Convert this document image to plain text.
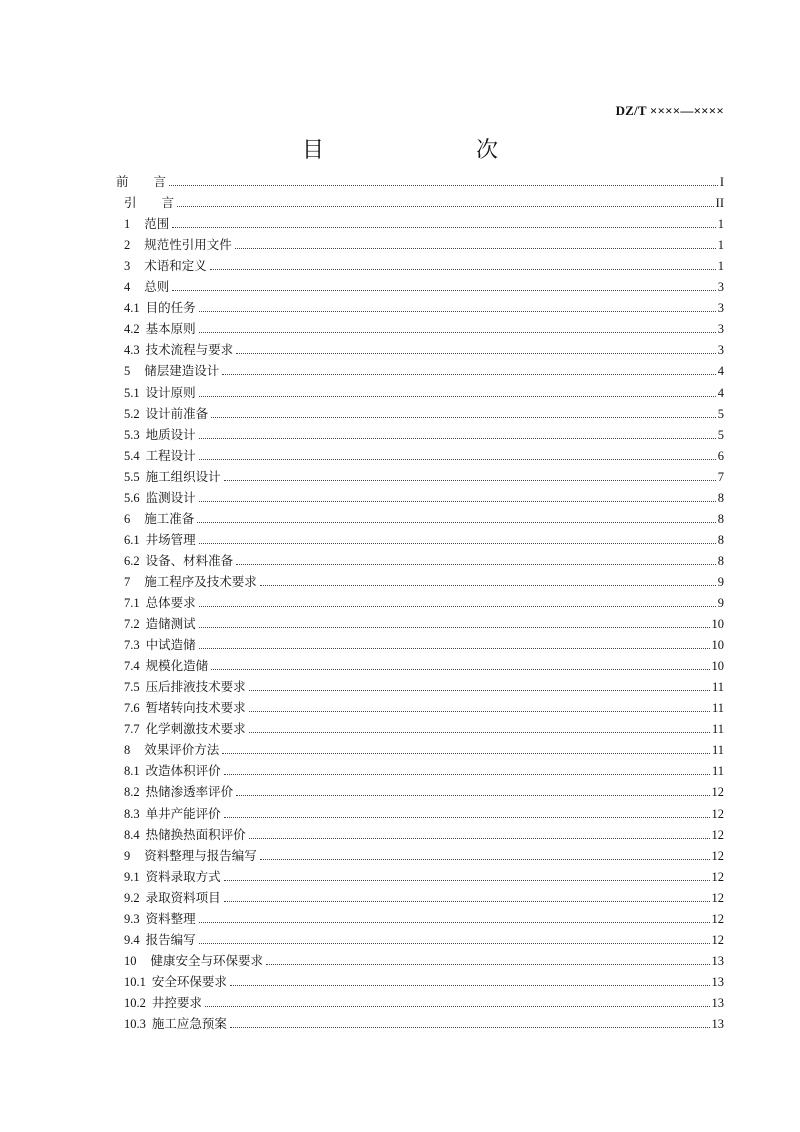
DZ/T ××××—××××
目　　次
前　　言	I
引　　言	II
1 范围	1
2 规范性引用文件	1
3 术语和定义	1
4 总则	3
4.1 目的任务	3
4.2 基本原则	3
4.3 技术流程与要求	3
5 储层建造设计	4
5.1 设计原则	4
5.2 设计前准备	5
5.3 地质设计	5
5.4 工程设计	6
5.5 施工组织设计	7
5.6 监测设计	8
6 施工准备	8
6.1 井场管理	8
6.2 设备、材料准备	8
7 施工程序及技术要求	9
7.1 总体要求	9
7.2 造储测试	10
7.3 中试造储	10
7.4 规模化造储	10
7.5 压后排液技术要求	11
7.6 暂堵转向技术要求	11
7.7 化学刺激技术要求	11
8 效果评价方法	11
8.1 改造体积评价	11
8.2 热储渗透率评价	12
8.3 单井产能评价	12
8.4 热储换热面积评价	12
9 资料整理与报告编写	12
9.1 资料录取方式	12
9.2 录取资料项目	12
9.3 资料整理	12
9.4 报告编写	12
10 健康安全与环保要求	13
10.1 安全环保要求	13
10.2 井控要求	13
10.3 施工应急预案	13
